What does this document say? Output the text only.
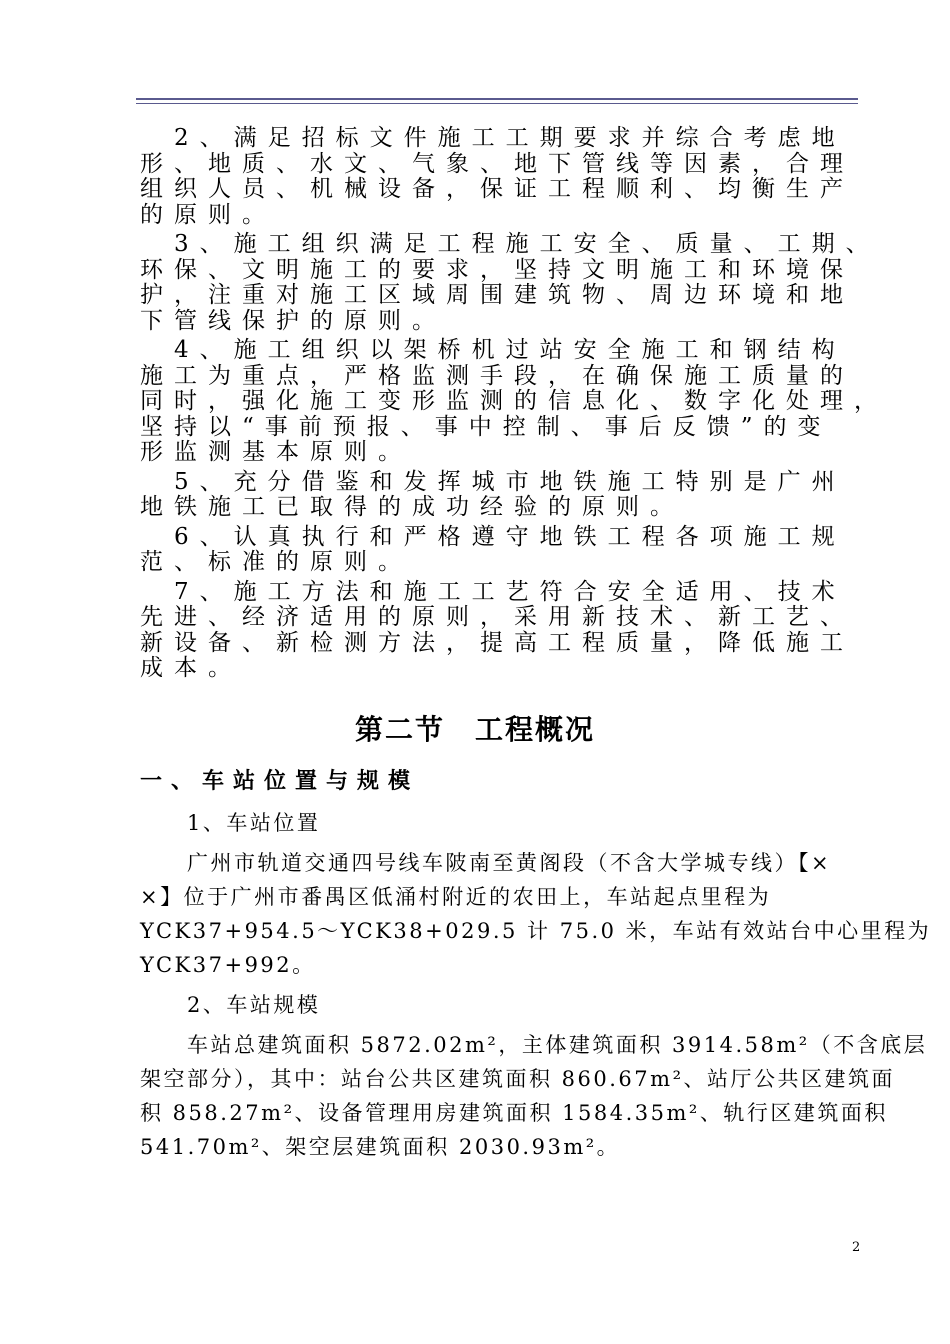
　2、满足招标文件施工工期要求并综合考虑地

形、地质、水文、气象、地下管线等因素，合理

组织人员、机械设备，保证工程顺利、均衡生产

的原则。

　3、施工组织满足工程施工安全、质量、工期、

环保、文明施工的要求，坚持文明施工和环境保

护，注重对施工区域周围建筑物、周边环境和地

下管线保护的原则。

　4、施工组织以架桥机过站安全施工和钢结构

施工为重点，严格监测手段，在确保施工质量的

同时，强化施工变形监测的信息化、数字化处理，

坚持以“事前预报、事中控制、事后反馈”的变

形监测基本原则。

　5、充分借鉴和发挥城市地铁施工特别是广州

地铁施工已取得的成功经验的原则。

　6、认真执行和严格遵守地铁工程各项施工规

范、标准的原则。

　7、施工方法和施工工艺符合安全适用、技术

先进、经济适用的原则，采用新技术、新工艺、

新设备、新检测方法，提高工程质量，降低施工

成本。

第二节　工程概况
一、车站位置与规模

　　1、车站位置

　　广州市轨道交通四号线车陂南至黄阁段（不含大学城专线）【×

×】位于广州市番禺区低涌村附近的农田上，车站起点里程为

YCK37+954.5～YCK38+029.5 计 75.0 米，车站有效站台中心里程为

YCK37+992。

　　2、车站规模

　　车站总建筑面积 5872.02m²，主体建筑面积 3914.58m²（不含底层

架空部分），其中：站台公共区建筑面积 860.67m²、站厅公共区建筑面

积 858.27m²、设备管理用房建筑面积 1584.35m²、轨行区建筑面积

541.70m²、架空层建筑面积 2030.93m²。

2
